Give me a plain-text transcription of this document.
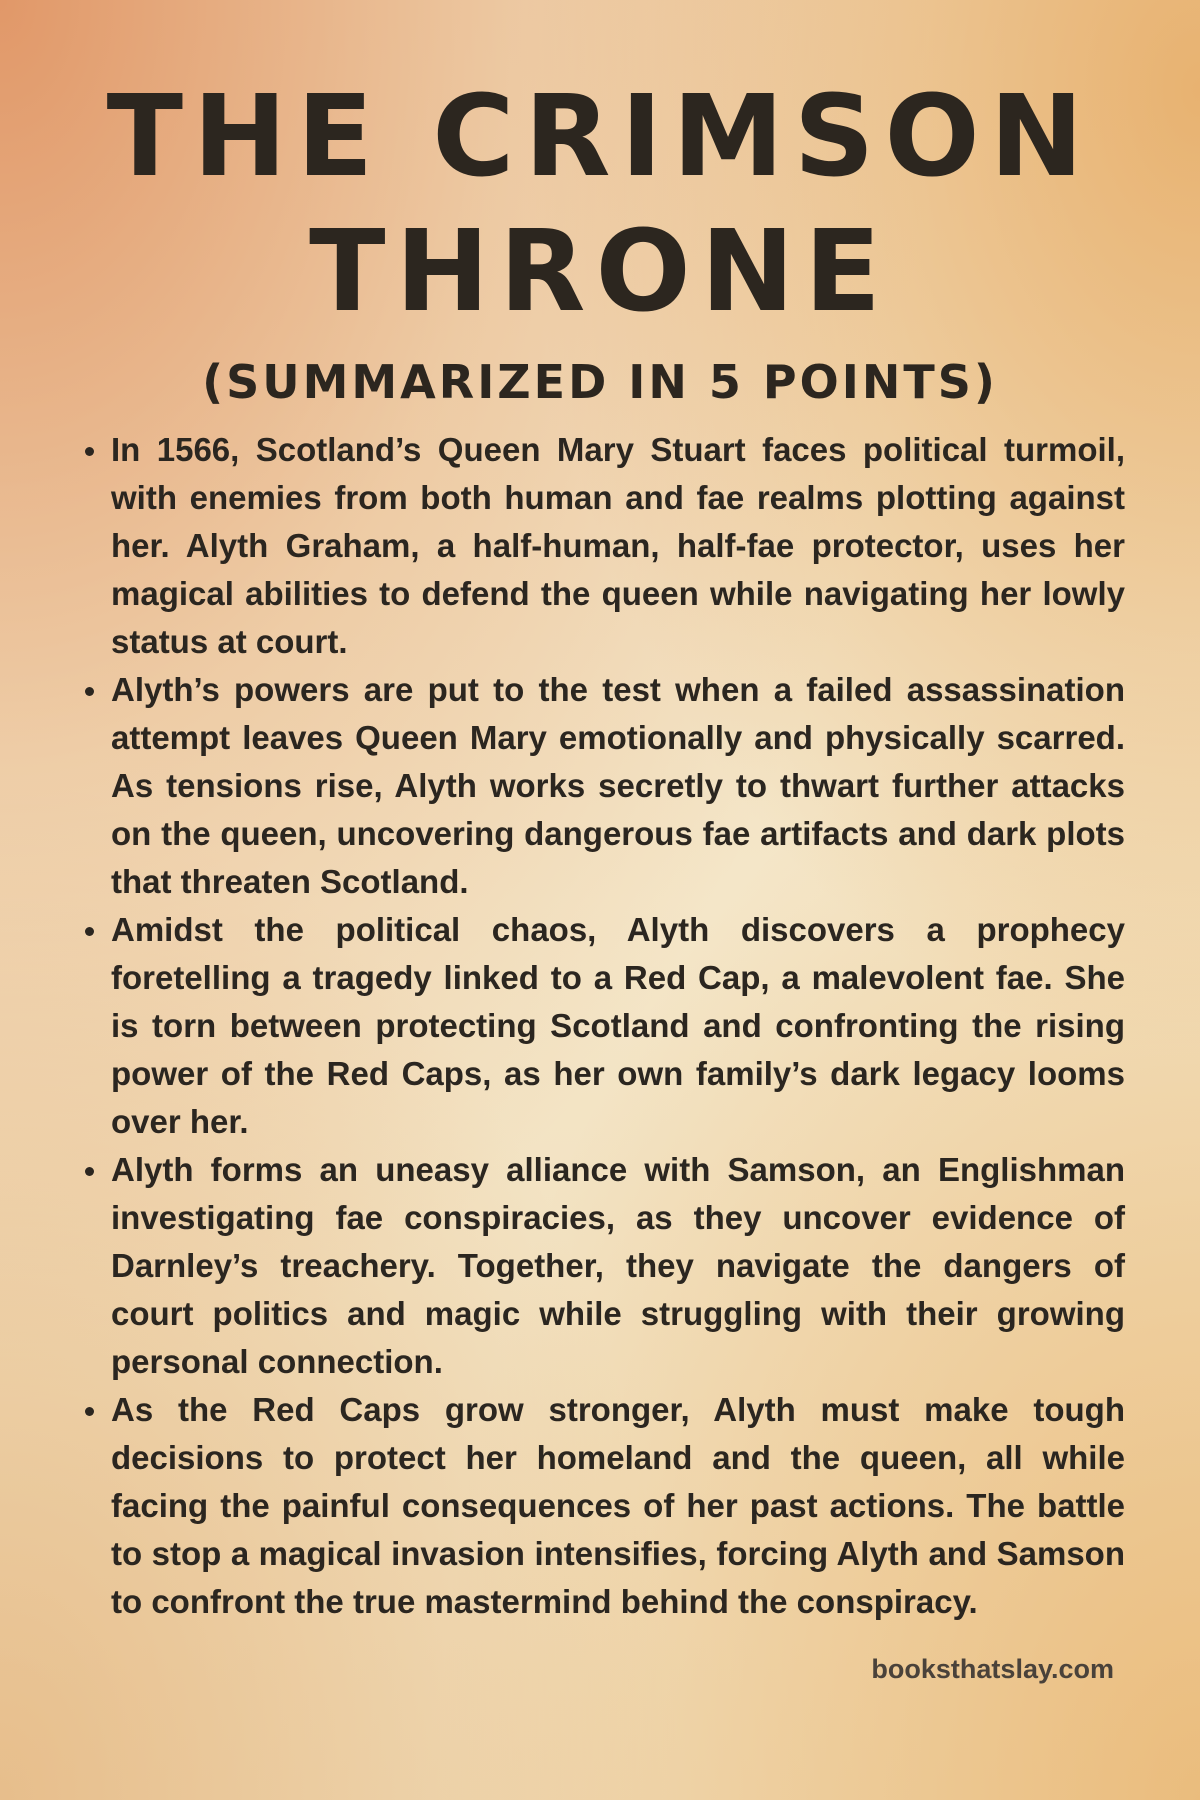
THE CRIMSON
THRONE
(SUMMARIZED IN 5 POINTS)
In 1566, Scotland’s Queen Mary Stuart faces political turmoil, with enemies from both human and fae realms plotting against her. Alyth Graham, a half-human, half-fae protector, uses her magical abilities to defend the queen while navigating her lowly status at court.
Alyth’s powers are put to the test when a failed assassination attempt leaves Queen Mary emotionally and physically scarred. As tensions rise, Alyth works secretly to thwart further attacks on the queen, uncovering dangerous fae artifacts and dark plots that threaten Scotland.
Amidst the political chaos, Alyth discovers a prophecy foretelling a tragedy linked to a Red Cap, a malevolent fae. She is torn between protecting Scotland and confronting the rising power of the Red Caps, as her own family’s dark legacy looms over her.
Alyth forms an uneasy alliance with Samson, an Englishman investigating fae conspiracies, as they uncover evidence of Darnley’s treachery. Together, they navigate the dangers of court politics and magic while struggling with their growing personal connection.
As the Red Caps grow stronger, Alyth must make tough decisions to protect her homeland and the queen, all while facing the painful consequences of her past actions. The battle to stop a magical invasion intensifies, forcing Alyth and Samson to confront the true mastermind behind the conspiracy.
booksthatslay.com
